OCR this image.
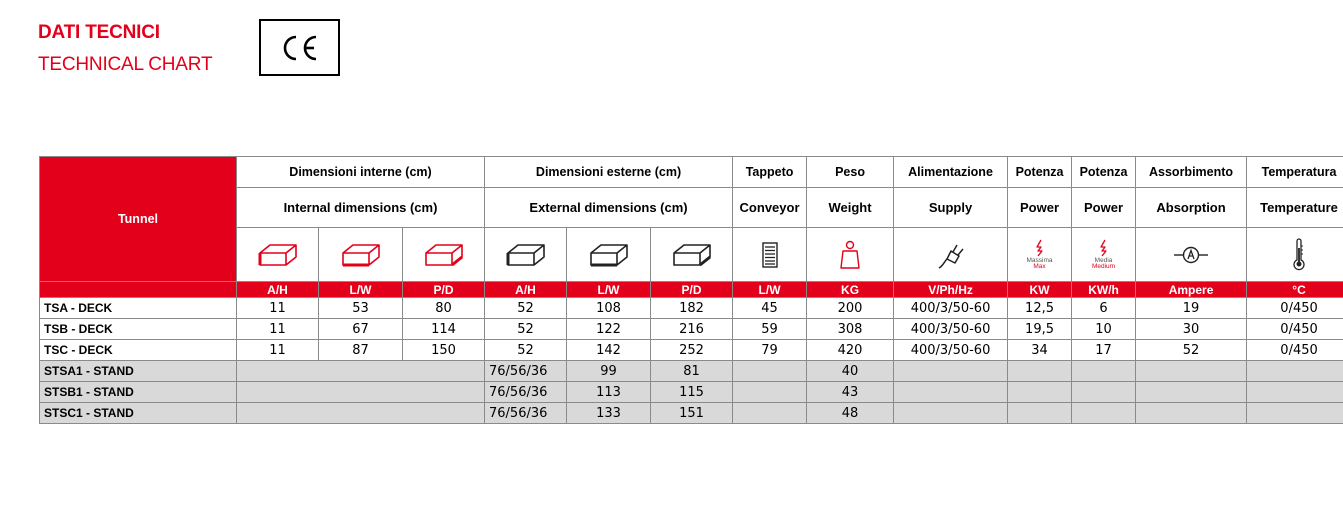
DATI TECNICI
TECHNICAL CHART
Tunnel	Dimensioni interne (cm)			Dimensioni esterne (cm)			Tappeto	Peso	Alimentazione	Potenza	Potenza	Assorbimento	Temperatura
	Internal dimensions (cm)			External dimensions (cm)			Conveyor	Weight	Supply	Power	Power	Absorption	Temperature

Massima
Max	Media
Medium

	A/H	L/W	P/D	A/H	L/W	P/D	L/W	KG	V/Ph/Hz	KW	KW/h	Ampere	°C
TSA - DECK	11	53	80	52	108	182	45	200	400/3/50-60	12,5	6	19	0/450
TSB - DECK	11	67	114	52	122	216	59	308	400/3/50-60	19,5	10	30	0/450
TSC - DECK	11	87	150	52	142	252	79	420	400/3/50-60	34	17	52	0/450
STSA1 - STAND				76/56/36	99	81		40					
STSB1 - STAND				76/56/36	113	115		43					
STSC1 - STAND				76/56/36	133	151		48					
